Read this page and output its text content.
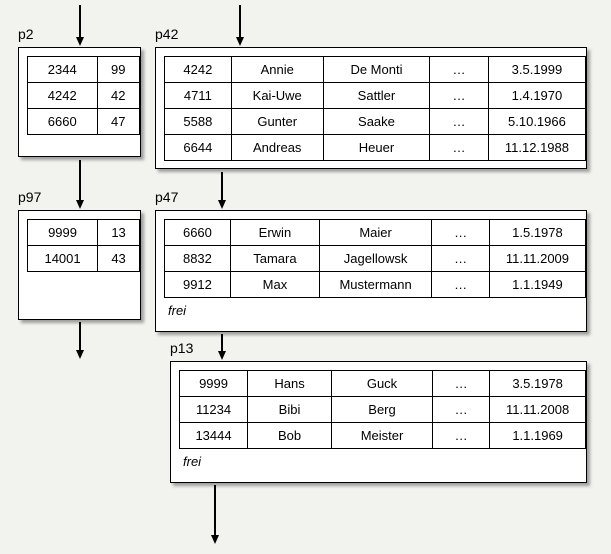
p2
2344	99
4242	42
6660	47
p42
4242	Annie	De Monti	…	3.5.1999
4711	Kai-Uwe	Sattler	…	1.4.1970
5588	Gunter	Saake	…	5.10.1966
6644	Andreas	Heuer	…	11.12.1988
p97
9999	13
14001	43
p47
6660	Erwin	Maier	…	1.5.1978
8832	Tamara	Jagellowsk	…	11.11.2009
9912	Max	Mustermann	…	1.1.1949
frei
p13
9999	Hans	Guck	…	3.5.1978
11234	Bibi	Berg	…	11.11.2008
13444	Bob	Meister	…	1.1.1969
frei
